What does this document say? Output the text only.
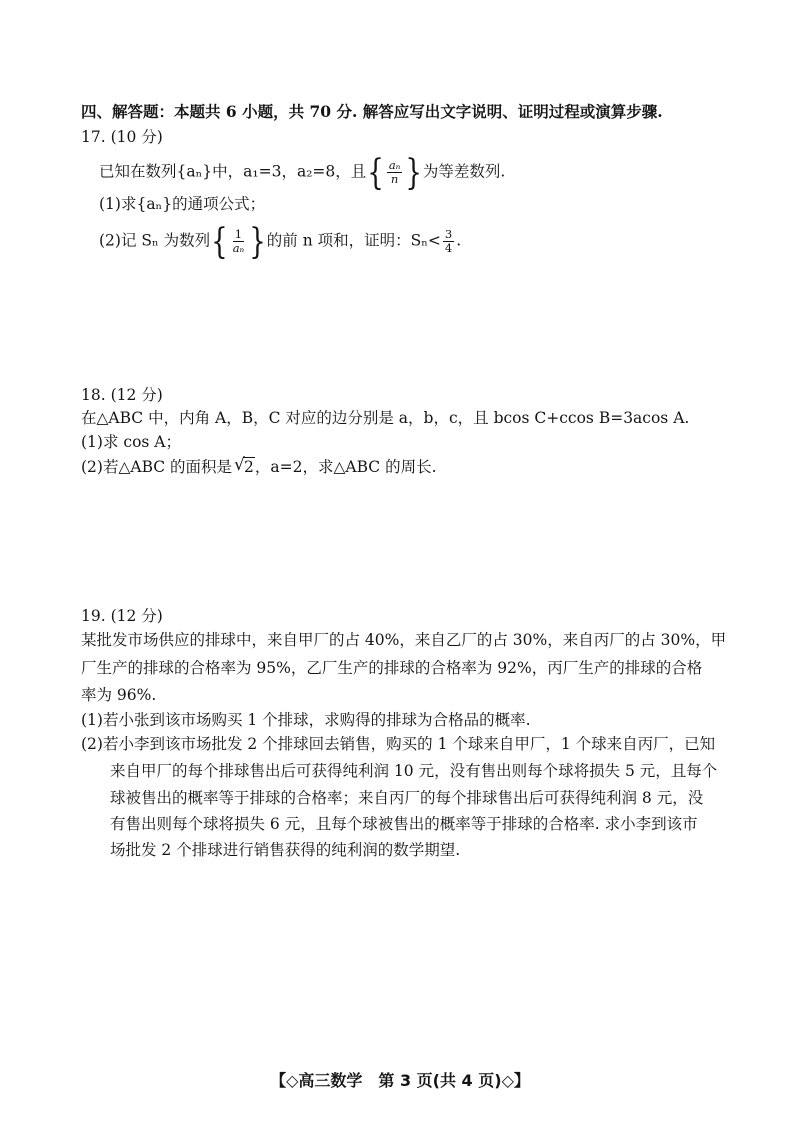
四、解答题：本题共 6 小题，共 70 分. 解答应写出文字说明、证明过程或演算步骤.
17. (10 分)
已知在数列{aₙ}中，a₁=3，a₂=8，且{ $\frac{\text{aₙ}}{n}$ }为等差数列.
(1)求{aₙ}的通项公式；
(2)记 Sₙ 为数列{ $\frac{1}{\text{aₙ}}$ }的前 n 项和，证明：$S_n< \frac{3}{4}$ .
18. (12 分)
在△ABC 中，内角 A，B，C 对应的边分别是 a，b，c，且 bcos C+ccos B=3acos A.
(1)求 cos A；
(2)若△ABC 的面积是√ 2，a=2，求△ABC 的周长.
19. (12 分)
某批发市场供应的排球中，来自甲厂的占 40%，来自乙厂的占 30%，来自丙厂的占 30%，甲
厂生产的排球的合格率为 95%，乙厂生产的排球的合格率为 92%，丙厂生产的排球的合格
率为 96%.
(1)若小张到该市场购买 1 个排球，求购得的排球为合格品的概率.
(2)若小李到该市场批发 2 个排球回去销售，购买的 1 个球来自甲厂，1 个球来自丙厂，已知
来自甲厂的每个排球售出后可获得纯利润 10 元，没有售出则每个球将损失 5 元，且每个
球被售出的概率等于排球的合格率；来自丙厂的每个排球售出后可获得纯利润 8 元，没
有售出则每个球将损失 6 元，且每个球被售出的概率等于排球的合格率. 求小李到该市
场批发 2 个排球进行销售获得的纯利润的数学期望.
【◇高三数学　第 3 页(共 4 页)◇】
